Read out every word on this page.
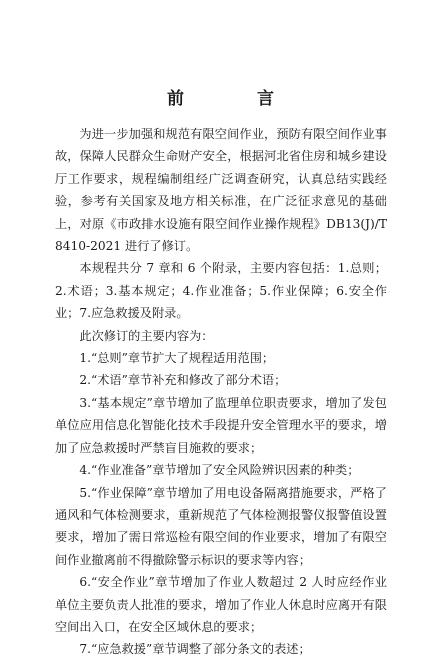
前　言

为进一步加强和规范有限空间作业，预防有限空间作业事故，保障人民群众生命财产安全，根据河北省住房和城乡建设厅工作要求，规程编制组经广泛调查研究，认真总结实践经验，参考有关国家及地方相关标准，在广泛征求意见的基础上，对原《市政排水设施有限空间作业操作规程》DB13(J)/T 8410-2021 进行了修订。

本规程共分 7 章和 6 个附录，主要内容包括：1.总则；2.术语；3.基本规定；4.作业准备；5.作业保障；6.安全作业；7.应急救援及附录。

此次修订的主要内容为：

1.“总则”章节扩大了规程适用范围；

2.“术语”章节补充和修改了部分术语；

3.“基本规定”章节增加了监理单位职责要求，增加了发包单位应用信息化智能化技术手段提升安全管理水平的要求，增加了应急救援时严禁盲目施救的要求；

4.“作业准备”章节增加了安全风险辨识因素的种类；

5.“作业保障”章节增加了用电设备隔离措施要求，严格了通风和气体检测要求，重新规范了气体检测报警仪报警值设置要求，增加了需日常巡检有限空间的作业要求，增加了有限空间作业撤离前不得撤除警示标识的要求等内容；

6.“安全作业”章节增加了作业人数超过 2 人时应经作业单位主要负责人批准的要求，增加了作业人休息时应离开有限空间出入口，在安全区域休息的要求；

7.“应急救援”章节调整了部分条文的表述；
